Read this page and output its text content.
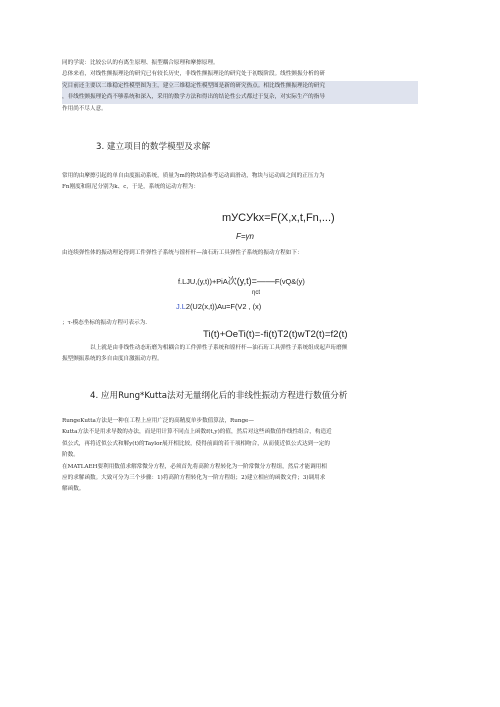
同的学说：比较公认的有离生原理、振型耦合原理和摩擦原理。
总体来看，对线性颤振理论的研究已有较长历史，非线性颤振理论的研究处于初级阶段。线性颤振分析的研
究目前还主要以二维稳定性模型图为主，建立三维稳定性模型图是新的研究热点。相比线性颤振理论的研究
，非线性颤振理论尚不够系统和深入，采用的数学方法和得出的结论性公式都过于复杂，对实际生产的指导
作用尚不尽人意。
3. 建立项目的数学模型及求解
常用的由摩擦引起的单自由度振动系统，质量为m的物块沿参考运动面滑动，物块与运动面之间的正压力为
Fn刚度和阻尼分别为k、c，于是，系统的运动方程为：
mУCУkx=F(X,x,t,Fn,...)
F=γn
由连续弹性体的振动理论得到工件弹性子系统与镗杆杆—油石珩工具弹性子系统的振动方程如下：
f.LJU,(y,t))+PiA次(y,t)=——F(vQ&(y)
ηct
J.L2(U2(x,t))Au=F(V2 , (x)
；τ-模态坐标的振动方程可表示为.
Ti(t)+OeTi(t)=-fi(t)T2(t)wT2(t)=f2(t)
以上就是由非线性动态珩磨为相耦合的工件弹性子系统和镗杆杆—油石珩工具弹性子系统组成起声珩磨颤
振型颤振系统的多自由度自激振动方程。
4. 应用Rung*Kutta法对无量纲化后的非线性振动方程进行数值分析
RungeKutta方法是一种在工程上应用广泛的高精度单步数值算法，Runge—
Kutta方法不是用求导数的办法，而是用计算不同点上函数f(t,y)的值，然后对这些函数值作线性组合，构造近
似公式，再将近似公式和解y(t)的Taylor展开相比较，使得前面的若干项相吻合，从而使近似公式达到一定的
阶数。
在MATLAEH要利用数值求解常微分方程，必须首先将高阶方程转化为一阶常微分方程组，然后才能调用相
应的求解函数。大致可分为三个步骤：1)将高阶方程转化为一阶方程组；2)建立相应的函数文件；3)调用求
解函数。
